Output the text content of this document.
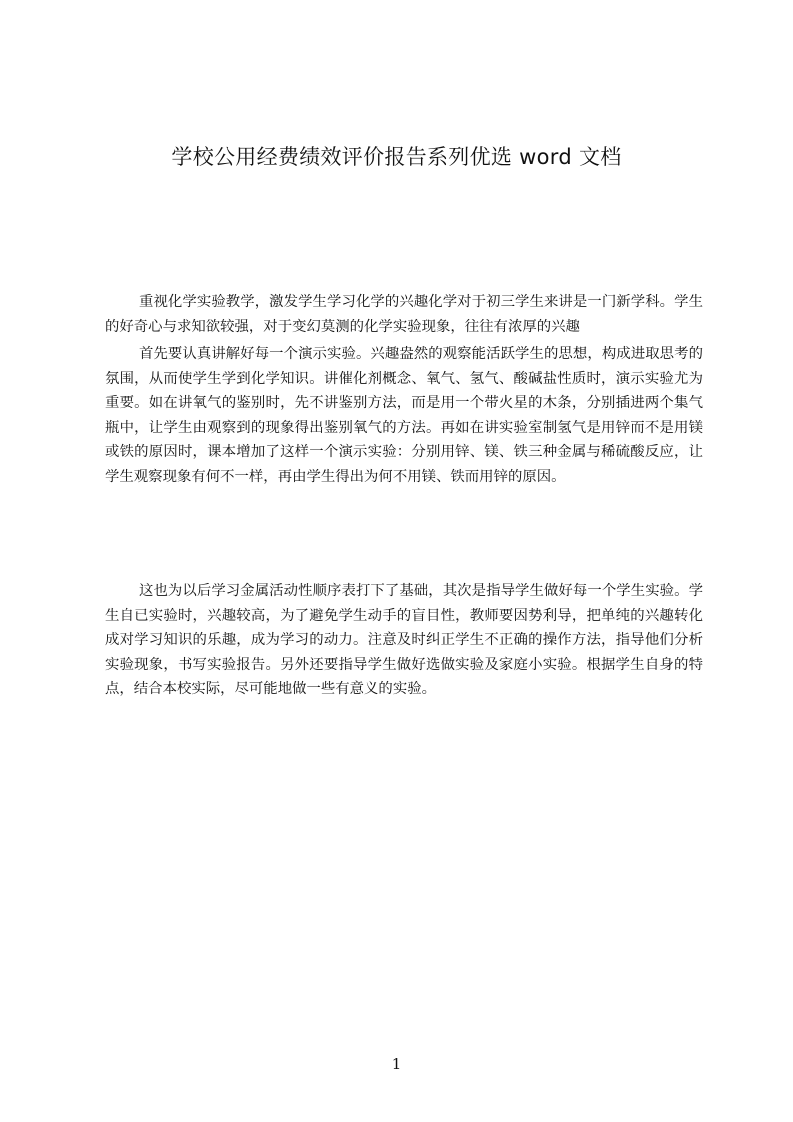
学校公用经费绩效评价报告系列优选 word 文档

重视化学实验教学，激发学生学习化学的兴趣化学对于初三学生来讲是一门新学科。学生的好奇心与求知欲较强，对于变幻莫测的化学实验现象，往往有浓厚的兴趣

首先要认真讲解好每一个演示实验。兴趣盎然的观察能活跃学生的思想，构成进取思考的氛围，从而使学生学到化学知识。讲催化剂概念、氧气、氢气、酸碱盐性质时，演示实验尤为重要。如在讲氧气的鉴别时，先不讲鉴别方法，而是用一个带火星的木条，分别插进两个集气瓶中，让学生由观察到的现象得出鉴别氧气的方法。再如在讲实验室制氢气是用锌而不是用镁或铁的原因时，课本增加了这样一个演示实验：分别用锌、镁、铁三种金属与稀硫酸反应，让学生观察现象有何不一样，再由学生得出为何不用镁、铁而用锌的原因。

这也为以后学习金属活动性顺序表打下了基础，其次是指导学生做好每一个学生实验。学生自已实验时，兴趣较高，为了避免学生动手的盲目性，教师要因势利导，把单纯的兴趣转化成对学习知识的乐趣，成为学习的动力。注意及时纠正学生不正确的操作方法，指导他们分析实验现象，书写实验报告。另外还要指导学生做好选做实验及家庭小实验。根据学生自身的特点，结合本校实际，尽可能地做一些有意义的实验。

1
